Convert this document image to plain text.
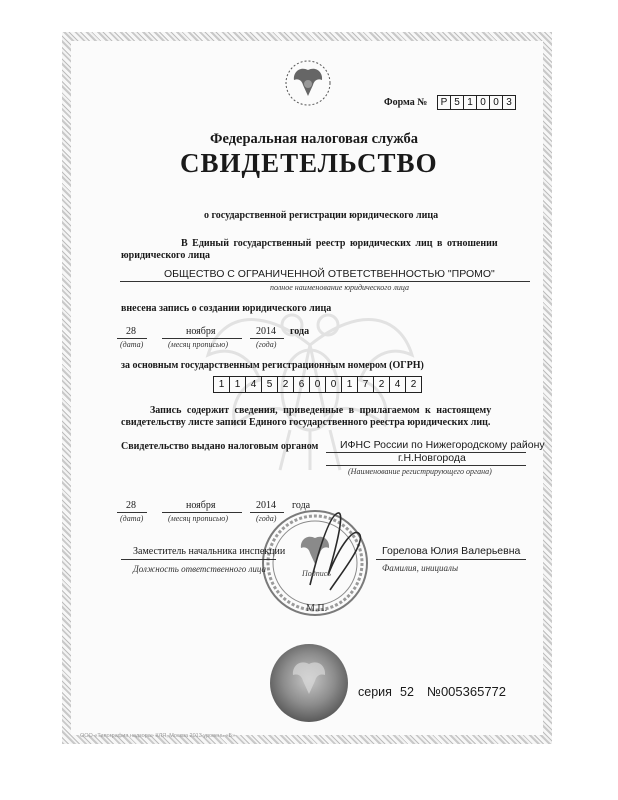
Форма №	Р 5 1 0 0 3
Федеральная налоговая служба
СВИДЕТЕЛЬСТВО
о государственной регистрации юридического лица
В Единый государственный реестр юридических лиц в отношении
юридического лица
ОБЩЕСТВО С ОГРАНИЧЕННОЙ ОТВЕТСТВЕННОСТЬЮ "ПРОМО"
полное наименование юридического лица
внесена запись о создании юридического лица
28
(дата)
ноября
(месяц прописью)
2014
(года)
года
за основным государственным регистрационным номером (ОГРН)
1	1	4	5	2	6	0	0	1	7	2	4	2
Запись содержит сведения, приведенные в прилагаемом к настоящему
свидетельству листе записи Единого государственного реестра юридических лиц.
Свидетельство выдано налоговым органом ИФНС России по Нижегородскому району
г.Н.Новгорода
(Наименование регистрирующего органа)
28
(дата)
ноября
(месяц прописью)
2014
(года)
года
Заместитель начальника инспекции
Должность ответственного лица	Подпись
М.П.
Горелова Юлия Валерьевна
Фамилия, инициалы
серия 52 №005365772
ООО «Типография надзора» КЛЯ, Москва 2013 уровень «Б»
